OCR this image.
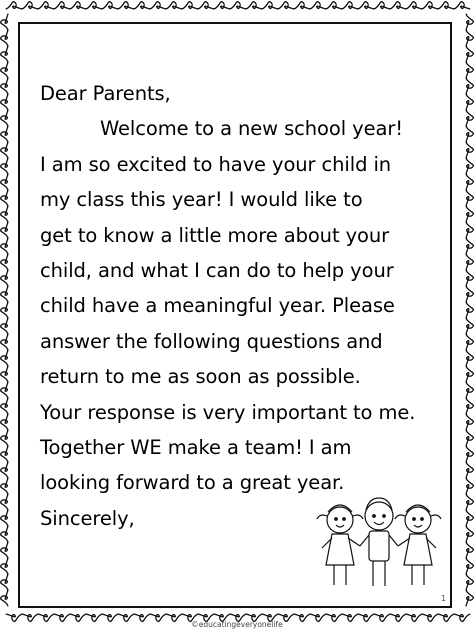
Dear Parents,
Welcome to a new school year!
I am so excited to have your child in
my class this year! I would like to
get to know a little more about your
child, and what I can do to help your
child have a meaningful year. Please
answer the following questions and
return to me as soon as possible.
Your response is very important to me.
Together WE make a team! I am
looking forward to a great year.
Sincerely,
1
©educatingeveryonelife
